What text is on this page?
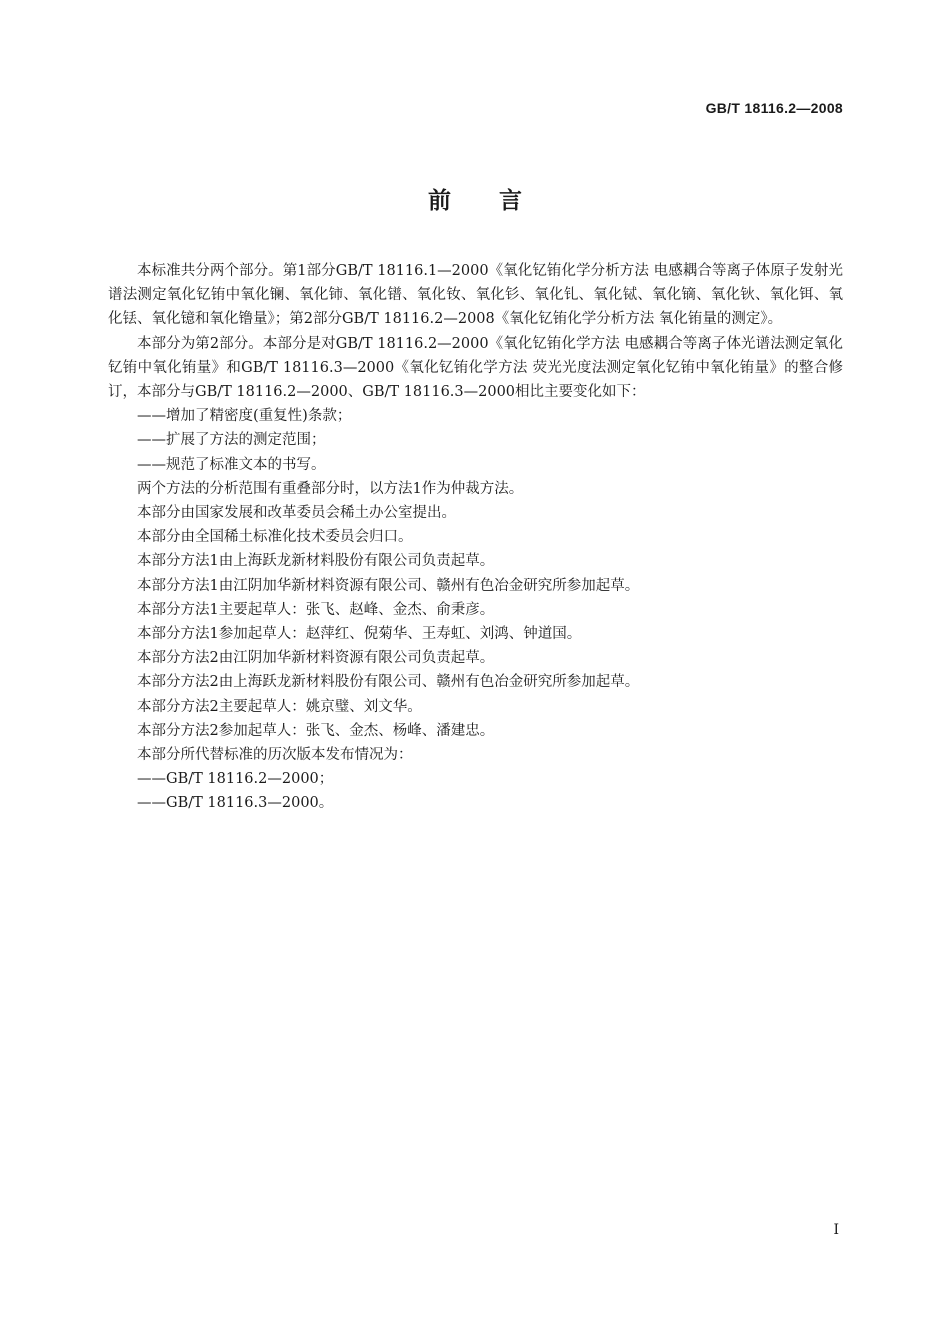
GB/T 18116.2—2008
前言

本标准共分两个部分。第1部分GB/T 18116.1—2000《氧化钇铕化学分析方法 电感耦合等离子体原子发射光谱法测定氧化钇铕中氧化镧、氧化铈、氧化镨、氧化钕、氧化钐、氧化钆、氧化铽、氧化镝、氧化钬、氧化铒、氧化铥、氧化镱和氧化镥量》；第2部分GB/T 18116.2—2008《氧化钇铕化学分析方法 氧化铕量的测定》。

本部分为第2部分。本部分是对GB/T 18116.2—2000《氧化钇铕化学方法 电感耦合等离子体光谱法测定氧化钇铕中氧化铕量》和GB/T 18116.3—2000《氧化钇铕化学方法 荧光光度法测定氧化钇铕中氧化铕量》的整合修订，本部分与GB/T 18116.2—2000、GB/T 18116.3—2000相比主要变化如下：

——增加了精密度(重复性)条款；

——扩展了方法的测定范围；

——规范了标准文本的书写。

两个方法的分析范围有重叠部分时，以方法1作为仲裁方法。

本部分由国家发展和改革委员会稀土办公室提出。

本部分由全国稀土标准化技术委员会归口。

本部分方法1由上海跃龙新材料股份有限公司负责起草。

本部分方法1由江阴加华新材料资源有限公司、赣州有色冶金研究所参加起草。

本部分方法1主要起草人：张飞、赵峰、金杰、俞秉彦。

本部分方法1参加起草人：赵萍红、倪菊华、王寿虹、刘鸿、钟道国。

本部分方法2由江阴加华新材料资源有限公司负责起草。

本部分方法2由上海跃龙新材料股份有限公司、赣州有色冶金研究所参加起草。

本部分方法2主要起草人：姚京璧、刘文华。

本部分方法2参加起草人：张飞、金杰、杨峰、潘建忠。

本部分所代替标准的历次版本发布情况为：

——GB/T 18116.2—2000；

——GB/T 18116.3—2000。

I
